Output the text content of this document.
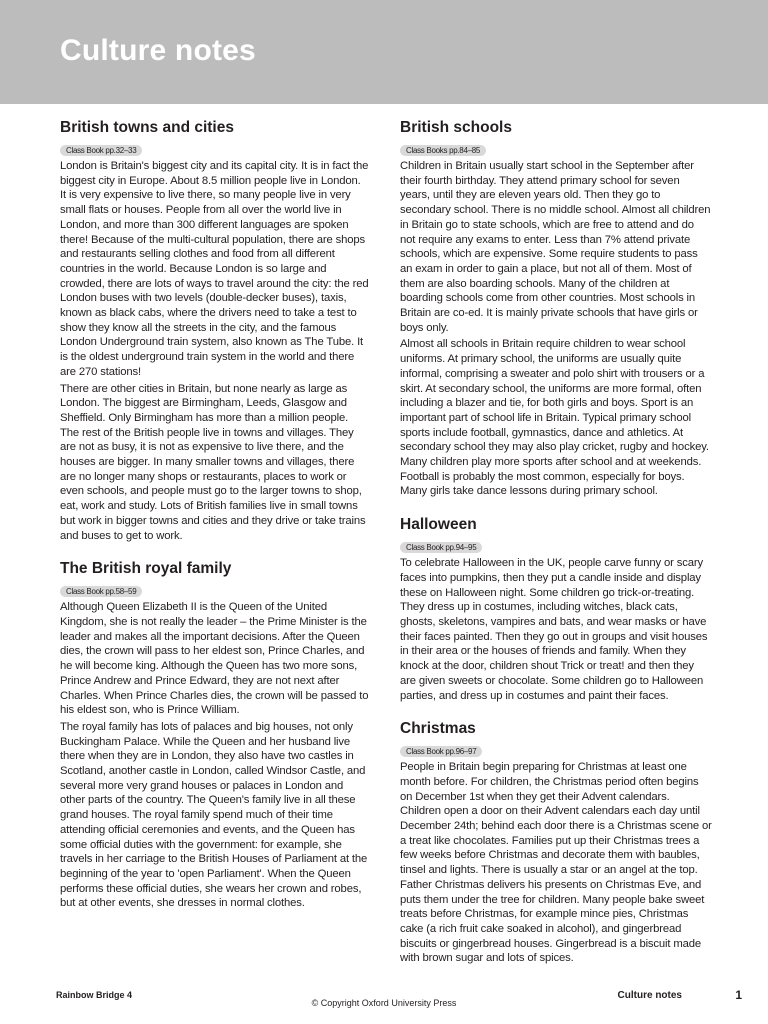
Culture notes
British towns and cities
Class Book pp.32–33

London is Britain's biggest city and its capital city. It is in fact the biggest city in Europe. About 8.5 million people live in London. It is very expensive to live there, so many people live in very small flats or houses. People from all over the world live in London, and more than 300 different languages are spoken there! Because of the multi-cultural population, there are shops and restaurants selling clothes and food from all different countries in the world. Because London is so large and crowded, there are lots of ways to travel around the city: the red London buses with two levels (double-decker buses), taxis, known as black cabs, where the drivers need to take a test to show they know all the streets in the city, and the famous London Underground train system, also known as The Tube. It is the oldest underground train system in the world and there are 270 stations!

There are other cities in Britain, but none nearly as large as London. The biggest are Birmingham, Leeds, Glasgow and Sheffield. Only Birmingham has more than a million people. The rest of the British people live in towns and villages. They are not as busy, it is not as expensive to live there, and the houses are bigger. In many smaller towns and villages, there are no longer many shops or restaurants, places to work or even schools, and people must go to the larger towns to shop, eat, work and study. Lots of British families live in small towns but work in bigger towns and cities and they drive or take trains and buses to get to work.

The British royal family
Class Book pp.58–59

Although Queen Elizabeth II is the Queen of the United Kingdom, she is not really the leader – the Prime Minister is the leader and makes all the important decisions. After the Queen dies, the crown will pass to her eldest son, Prince Charles, and he will become king. Although the Queen has two more sons, Prince Andrew and Prince Edward, they are not next after Charles. When Prince Charles dies, the crown will be passed to his eldest son, who is Prince William.

The royal family has lots of palaces and big houses, not only Buckingham Palace. While the Queen and her husband live there when they are in London, they also have two castles in Scotland, another castle in London, called Windsor Castle, and several more very grand houses or palaces in London and other parts of the country. The Queen's family live in all these grand houses. The royal family spend much of their time attending official ceremonies and events, and the Queen has some official duties with the government: for example, she travels in her carriage to the British Houses of Parliament at the beginning of the year to 'open Parliament'. When the Queen performs these official duties, she wears her crown and robes, but at other events, she dresses in normal clothes.

British schools
Class Books pp.84–85

Children in Britain usually start school in the September after their fourth birthday. They attend primary school for seven years, until they are eleven years old. Then they go to secondary school. There is no middle school. Almost all children in Britain go to state schools, which are free to attend and do not require any exams to enter. Less than 7% attend private schools, which are expensive. Some require students to pass an exam in order to gain a place, but not all of them. Most of them are also boarding schools. Many of the children at boarding schools come from other countries. Most schools in Britain are co-ed. It is mainly private schools that have girls or boys only.

Almost all schools in Britain require children to wear school uniforms. At primary school, the uniforms are usually quite informal, comprising a sweater and polo shirt with trousers or a skirt. At secondary school, the uniforms are more formal, often including a blazer and tie, for both girls and boys. Sport is an important part of school life in Britain. Typical primary school sports include football, gymnastics, dance and athletics. At secondary school they may also play cricket, rugby and hockey. Many children play more sports after school and at weekends. Football is probably the most common, especially for boys. Many girls take dance lessons during primary school.

Halloween
Class Book pp.94–95

To celebrate Halloween in the UK, people carve funny or scary faces into pumpkins, then they put a candle inside and display these on Halloween night. Some children go trick-or-treating. They dress up in costumes, including witches, black cats, ghosts, skeletons, vampires and bats, and wear masks or have their faces painted. Then they go out in groups and visit houses in their area or the houses of friends and family. When they knock at the door, children shout Trick or treat! and then they are given sweets or chocolate. Some children go to Halloween parties, and dress up in costumes and paint their faces.

Christmas
Class Book pp.96–97

People in Britain begin preparing for Christmas at least one month before. For children, the Christmas period often begins on December 1st when they get their Advent calendars. Children open a door on their Advent calendars each day until December 24th; behind each door there is a Christmas scene or a treat like chocolates. Families put up their Christmas trees a few weeks before Christmas and decorate them with baubles, tinsel and lights. There is usually a star or an angel at the top. Father Christmas delivers his presents on Christmas Eve, and puts them under the tree for children. Many people bake sweet treats before Christmas, for example mince pies, Christmas cake (a rich fruit cake soaked in alcohol), and gingerbread biscuits or gingerbread houses. Gingerbread is a biscuit made with brown sugar and lots of spices.

Rainbow Bridge 4
© Copyright Oxford University Press
Culture notes	1
